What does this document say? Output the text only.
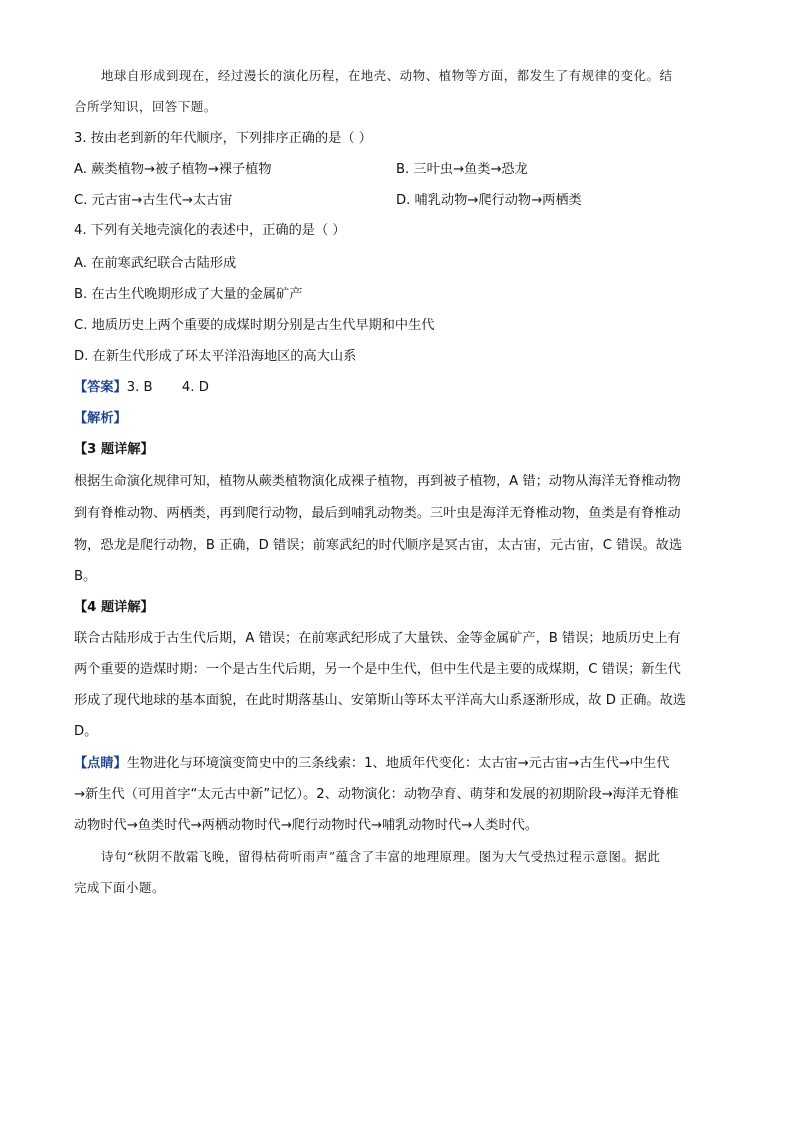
地球自形成到现在，经过漫长的演化历程，在地壳、动物、植物等方面，都发生了有规律的变化。结
合所学知识，回答下题。
3. 按由老到新的年代顺序，下列排序正确的是（ ）
A. 蕨类植物→被子植物→裸子植物	B. 三叶虫→鱼类→恐龙
C. 元古宙→古生代→太古宙	D. 哺乳动物→爬行动物→两栖类
4. 下列有关地壳演化的表述中，正确的是（ ）
A. 在前寒武纪联合古陆形成
B. 在古生代晚期形成了大量的金属矿产
C. 地质历史上两个重要的成煤时期分别是古生代早期和中生代
D. 在新生代形成了环太平洋沿海地区的高大山系
【答案】3. B       4. D
【解析】
【3 题详解】
根据生命演化规律可知，植物从蕨类植物演化成裸子植物，再到被子植物，A 错；动物从海洋无脊椎动物
到有脊椎动物、两栖类，再到爬行动物，最后到哺乳动物类。三叶虫是海洋无脊椎动物，鱼类是有脊椎动
物，恐龙是爬行动物，B 正确，D 错误；前寒武纪的时代顺序是冥古宙，太古宙，元古宙，C 错误。故选
B。
【4 题详解】
联合古陆形成于古生代后期，A 错误；在前寒武纪形成了大量铁、金等金属矿产，B 错误；地质历史上有
两个重要的造煤时期：一个是古生代后期，另一个是中生代，但中生代是主要的成煤期，C 错误；新生代
形成了现代地球的基本面貌，在此时期落基山、安第斯山等环太平洋高大山系逐渐形成，故 D 正确。故选
D。
【点睛】生物进化与环境演变简史中的三条线索：1、地质年代变化：太古宙→元古宙→古生代→中生代
→新生代（可用首字“太元古中新”记忆）。2、动物演化：动物孕育、萌芽和发展的初期阶段→海洋无脊椎
动物时代→鱼类时代→两栖动物时代→爬行动物时代→哺乳动物时代→人类时代。
诗句“秋阴不散霜飞晚，留得枯荷听雨声”蕴含了丰富的地理原理。图为大气受热过程示意图。据此
完成下面小题。
